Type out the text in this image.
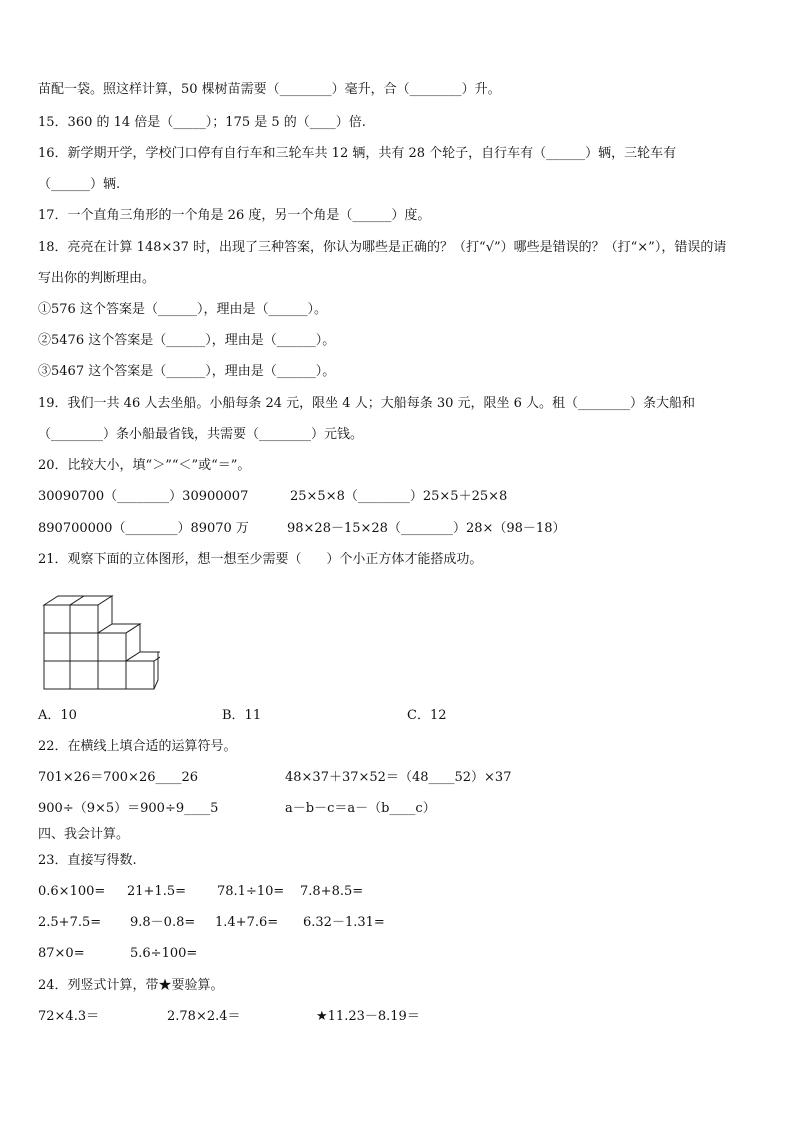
苗配一袋。照这样计算，50 棵树苗需要（________）毫升，合（________）升。
15．360 的 14 倍是（_____）；175 是 5 的（____）倍.
16．新学期开学，学校门口停有自行车和三轮车共 12 辆，共有 28 个轮子，自行车有（______）辆，三轮车有
（______）辆.
17．一个直角三角形的一个角是 26 度，另一个角是（______）度。
18．亮亮在计算 148×37 时，出现了三种答案，你认为哪些是正确的？（打“√”）哪些是错误的？（打“×”），错误的请
写出你的判断理由。
①576 这个答案是（______），理由是（______）。
②5476 这个答案是（______），理由是（______）。
③5467 这个答案是（______），理由是（______）。
19．我们一共 46 人去坐船。小船每条 24 元，限坐 4 人；大船每条 30 元，限坐 6 人。租（________）条大船和
（________）条小船最省钱，共需要（________）元钱。
20．比较大小，填“＞”“＜”或“＝”。
30090700（________）30900007	25×5×8（________）25×5＋25×8
890700000（________）89070 万	98×28－15×28（________）28×（98－18）
21．观察下面的立体图形，想一想至少需要（      ）个小正方体才能搭成功。
A．10	B．11	C．12
22．在横线上填合适的运算符号。
701×26＝700×26____26	48×37＋37×52＝（48____52）×37
900÷（9×5）＝900÷9____5	a－b－c＝a－（b____c）
四、我会计算。
23．直接写得数.
0.6×100= 21+1.5= 78.1÷10= 7.8+8.5=
2.5+7.5= 9.8－0.8= 1.4+7.6= 6.32－1.31=
87×0=	5.6÷100=
24．列竖式计算，带★要验算。
72×4.3＝	2.78×2.4＝	★11.23－8.19＝
